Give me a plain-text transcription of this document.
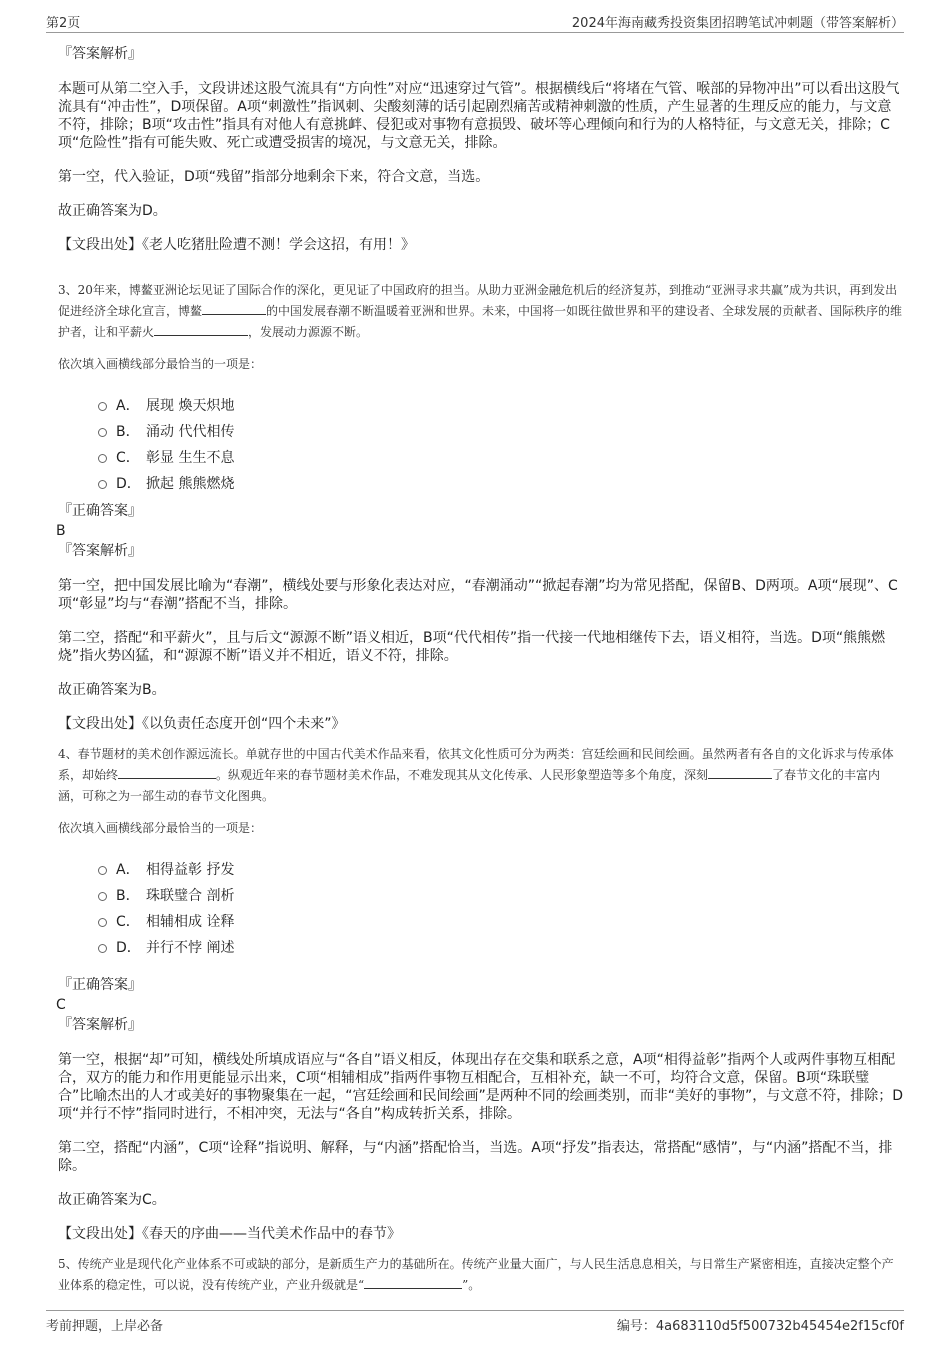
第2页	2024年海南藏秀投资集团招聘笔试冲刺题（带答案解析）

『答案解析』

本题可从第二空入手，文段讲述这股气流具有“方向性”对应“迅速穿过气管”。根据横线后“将堵在气管、喉部的异物冲出”可以看出这股气流具有“冲击性”，D项保留。A项“刺激性”指讽刺、尖酸刻薄的话引起剧烈痛苦或精神刺激的性质，产生显著的生理反应的能力，与文意不符，排除；B项“攻击性”指具有对他人有意挑衅、侵犯或对事物有意损毁、破坏等心理倾向和行为的人格特征，与文意无关，排除；C项“危险性”指有可能失败、死亡或遭受损害的境况，与文意无关，排除。

第一空，代入验证，D项“残留”指部分地剩余下来，符合文意，当选。

故正确答案为D。

【文段出处】《老人吃猪肚险遭不测！学会这招，有用！》

3、20年来，博鳌亚洲论坛见证了国际合作的深化，更见证了中国政府的担当。从助力亚洲金融危机后的经济复苏，到推动“亚洲寻求共赢”成为共识，再到发出促进经济全球化宣言，博鳌	的中国发展春潮不断温暖着亚洲和世界。未来，中国将一如既往做世界和平的建设者、全球发展的贡献者、国际秩序的维护者，让和平薪火	，发展动力源源不断。

依次填入画横线部分最恰当的一项是：

A． 展现 煥天炽地
B． 涌动 代代相传
C． 彰显 生生不息
D． 掀起 熊熊燃烧

『正确答案』

B

『答案解析』

第一空，把中国发展比喻为“春潮”，横线处要与形象化表达对应，“春潮涌动”“掀起春潮”均为常见搭配，保留B、D两项。A项“展现”、C项“彰显”均与“春潮”搭配不当，排除。

第二空，搭配“和平薪火”，且与后文“源源不断”语义相近，B项“代代相传”指一代接一代地相继传下去，语义相符，当选。D项“熊熊燃烧”指火势凶猛，和“源源不断”语义并不相近，语义不符，排除。

故正确答案为B。

【文段出处】《以负责任态度开创“四个未来”》

4、春节题材的美术创作源远流长。单就存世的中国古代美术作品来看，依其文化性质可分为两类：宫廷绘画和民间绘画。虽然两者有各自的文化诉求与传承体系，却始终	。纵观近年来的春节题材美术作品，不难发现其从文化传承、人民形象塑造等多个角度，深刻	了春节文化的丰富内涵，可称之为一部生动的春节文化图典。

依次填入画横线部分最恰当的一项是：

A． 相得益彰 抒发
B． 珠联璧合 剖析
C． 相辅相成 诠释
D． 并行不悖 阐述

『正确答案』

C

『答案解析』

第一空，根据“却”可知，横线处所填成语应与“各自”语义相反，体现出存在交集和联系之意，A项“相得益彰”指两个人或两件事物互相配合，双方的能力和作用更能显示出来，C项“相辅相成”指两件事物互相配合，互相补充，缺一不可，均符合文意，保留。B项“珠联璧合”比喻杰出的人才或美好的事物聚集在一起，“宫廷绘画和民间绘画”是两种不同的绘画类别，而非“美好的事物”，与文意不符，排除；D项“并行不悖”指同时进行，不相冲突，无法与“各自”构成转折关系，排除。

第二空，搭配“内涵”，C项“诠释”指说明、解释，与“内涵”搭配恰当，当选。A项“抒发”指表达，常搭配“感情”，与“内涵”搭配不当，排除。

故正确答案为C。

【文段出处】《春天的序曲——当代美术作品中的春节》

5、传统产业是现代化产业体系不可或缺的部分，是新质生产力的基础所在。传统产业量大面广，与人民生活息息相关，与日常生产紧密相连，直接决定整个产业体系的稳定性，可以说，没有传统产业，产业升级就是“	”。

考前押题，上岸必备	编号：4a683110d5f500732b45454e2f15cf0f
